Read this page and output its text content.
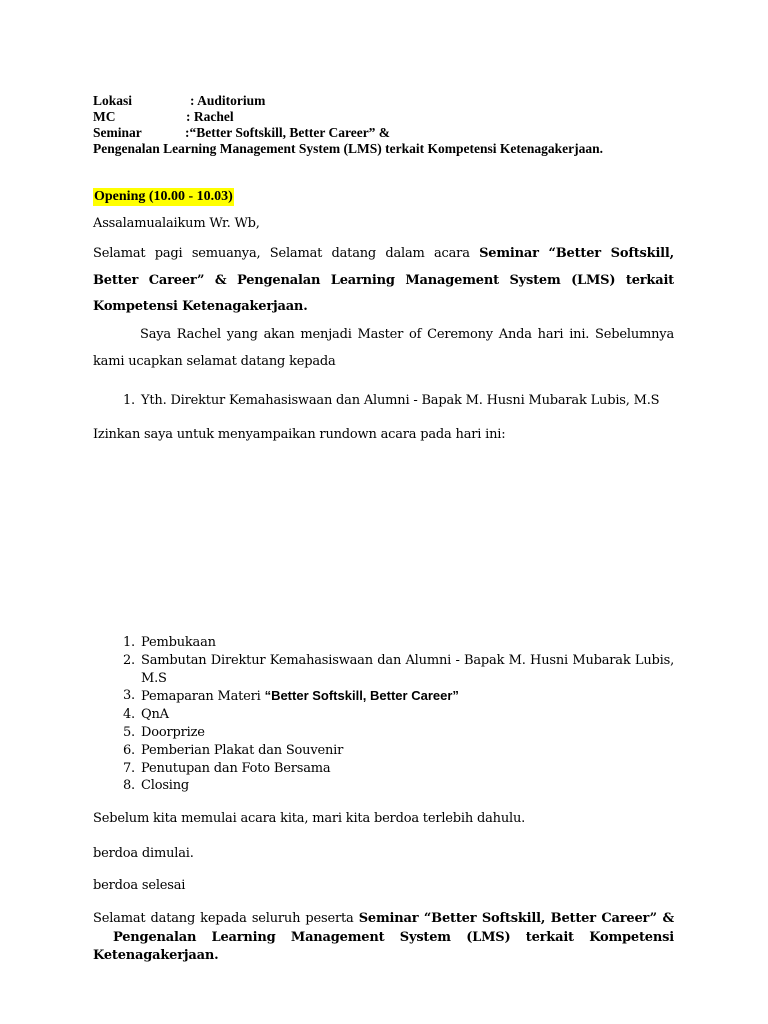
Lokasi	: Auditorium
MC	: Rachel
Seminar	:“Better Softskill, Better Career” &
Pengenalan Learning Management System (LMS) terkait Kompetensi Ketenagakerjaan.
Opening (10.00 - 10.03)
Assalamualaikum Wr. Wb,
Selamat pagi semuanya, Selamat datang dalam acara Seminar “Better Softskill, Better Career” & Pengenalan Learning Management System (LMS) terkait Kompetensi Ketenagakerjaan.
Saya Rachel yang akan menjadi Master of Ceremony Anda hari ini. Sebelumnya kami ucapkan selamat datang kepada
1. Yth. Direktur Kemahasiswaan dan Alumni - Bapak M. Husni Mubarak Lubis, M.S
Izinkan saya untuk menyampaikan rundown acara pada hari ini:
1. Pembukaan
2. Sambutan Direktur Kemahasiswaan dan Alumni - Bapak M. Husni Mubarak Lubis, M.S
3. Pemaparan Materi “Better Softskill, Better Career”
4. QnA
5. Doorprize
6. Pemberian Plakat dan Souvenir
7. Penutupan dan Foto Bersama
8. Closing
Sebelum kita memulai acara kita, mari kita berdoa terlebih dahulu.
berdoa dimulai.
berdoa selesai
Selamat datang kepada seluruh peserta Seminar “Better Softskill, Better Career” &
Pengenalan Learning Management System (LMS) terkait Kompetensi
Ketenagakerjaan.
